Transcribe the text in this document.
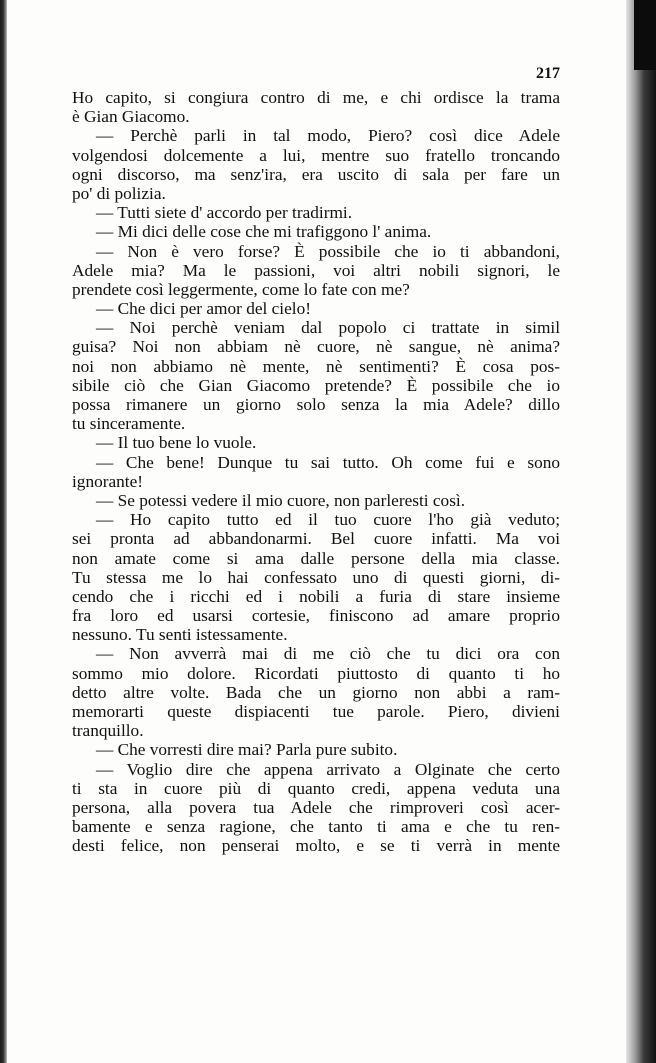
217
Ho capito, si congiura contro di me, e chi ordisce la trama
è Gian Giacomo.
— Perchè parli in tal modo, Piero? così dice Adele
volgendosi dolcemente a lui, mentre suo fratello troncando
ogni discorso, ma senz'ira, era uscito di sala per fare un
po' di polizia.
— Tutti siete d' accordo per tradirmi.
— Mi dici delle cose che mi trafiggono l' anima.
— Non è vero forse? È possibile che io ti abbandoni,
Adele mia? Ma le passioni, voi altri nobili signori, le
prendete così leggermente, come lo fate con me?
— Che dici per amor del cielo!
— Noi perchè veniam dal popolo ci trattate in simil
guisa? Noi non abbiam nè cuore, nè sangue, nè anima?
noi non abbiamo nè mente, nè sentimenti? È cosa pos-
sibile ciò che Gian Giacomo pretende? È possibile che io
possa rimanere un giorno solo senza la mia Adele? dillo
tu sinceramente.
— Il tuo bene lo vuole.
— Che bene! Dunque tu sai tutto. Oh come fui e sono
ignorante!
— Se potessi vedere il mio cuore, non parleresti così.
— Ho capito tutto ed il tuo cuore l'ho già veduto;
sei pronta ad abbandonarmi. Bel cuore infatti. Ma voi
non amate come si ama dalle persone della mia classe.
Tu stessa me lo hai confessato uno di questi giorni, di-
cendo che i ricchi ed i nobili a furia di stare insieme
fra loro ed usarsi cortesie, finiscono ad amare proprio
nessuno. Tu senti istessamente.
— Non avverrà mai di me ciò che tu dici ora con
sommo mio dolore. Ricordati piuttosto di quanto ti ho
detto altre volte. Bada che un giorno non abbi a ram-
memorarti queste dispiacenti tue parole. Piero, divieni
tranquillo.
— Che vorresti dire mai? Parla pure subito.
— Voglio dire che appena arrivato a Olginate che certo
ti sta in cuore più di quanto credi, appena veduta una
persona, alla povera tua Adele che rimproveri così acer-
bamente e senza ragione, che tanto ti ama e che tu ren-
desti felice, non penserai molto, e se ti verrà in mente
